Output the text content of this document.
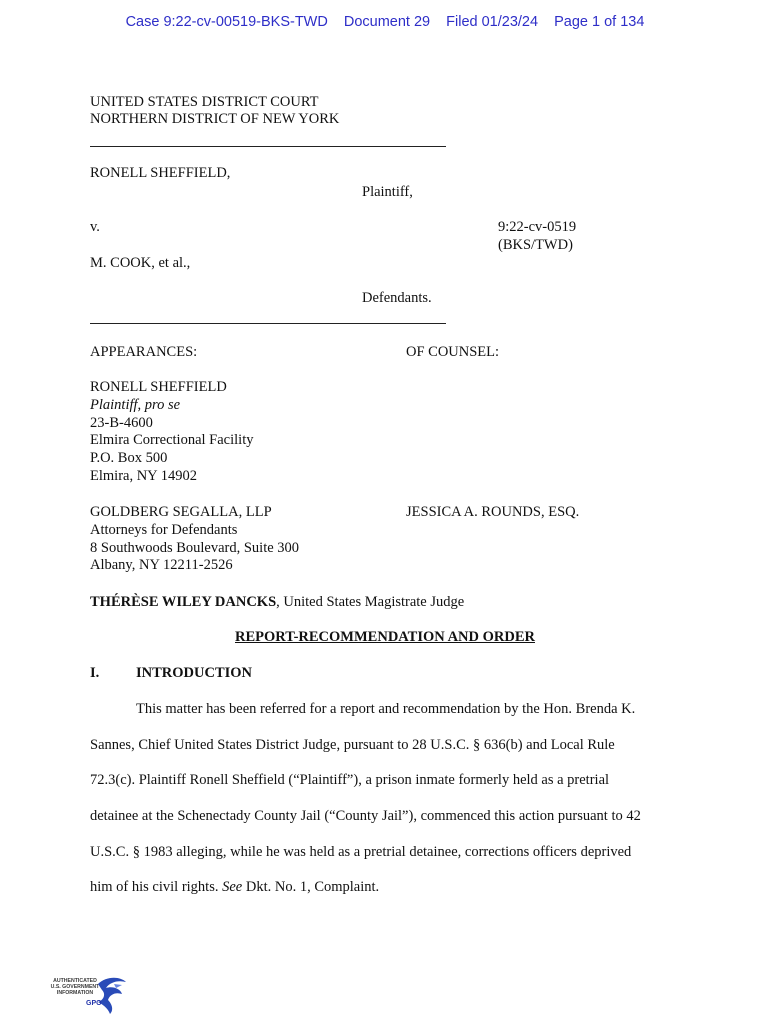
Case 9:22-cv-00519-BKS-TWD Document 29 Filed 01/23/24 Page 1 of 134
UNITED STATES DISTRICT COURT
NORTHERN DISTRICT OF NEW YORK
RONELL SHEFFIELD,
Plaintiff,
v.	9:22-cv-0519
(BKS/TWD)
M. COOK, et al.,
Defendants.
APPEARANCES:	OF COUNSEL:
RONELL SHEFFIELD
Plaintiff, pro se
23-B-4600
Elmira Correctional Facility
P.O. Box 500
Elmira, NY 14902
GOLDBERG SEGALLA, LLP	JESSICA A. ROUNDS, ESQ.
Attorneys for Defendants
8 Southwoods Boulevard, Suite 300
Albany, NY 12211-2526
THÉRÈSE WILEY DANCKS, United States Magistrate Judge
REPORT-RECOMMENDATION AND ORDER
I.	INTRODUCTION
This matter has been referred for a report and recommendation by the Hon. Brenda K.
Sannes, Chief United States District Judge, pursuant to 28 U.S.C. § 636(b) and Local Rule
72.3(c). Plaintiff Ronell Sheffield (“Plaintiff”), a prison inmate formerly held as a pretrial
detainee at the Schenectady County Jail (“County Jail”), commenced this action pursuant to 42
U.S.C. § 1983 alleging, while he was held as a pretrial detainee, corrections officers deprived
him of his civil rights. See Dkt. No. 1, Complaint.
AUTHENTICATED
U.S. GOVERNMENT
INFORMATION
GPO
